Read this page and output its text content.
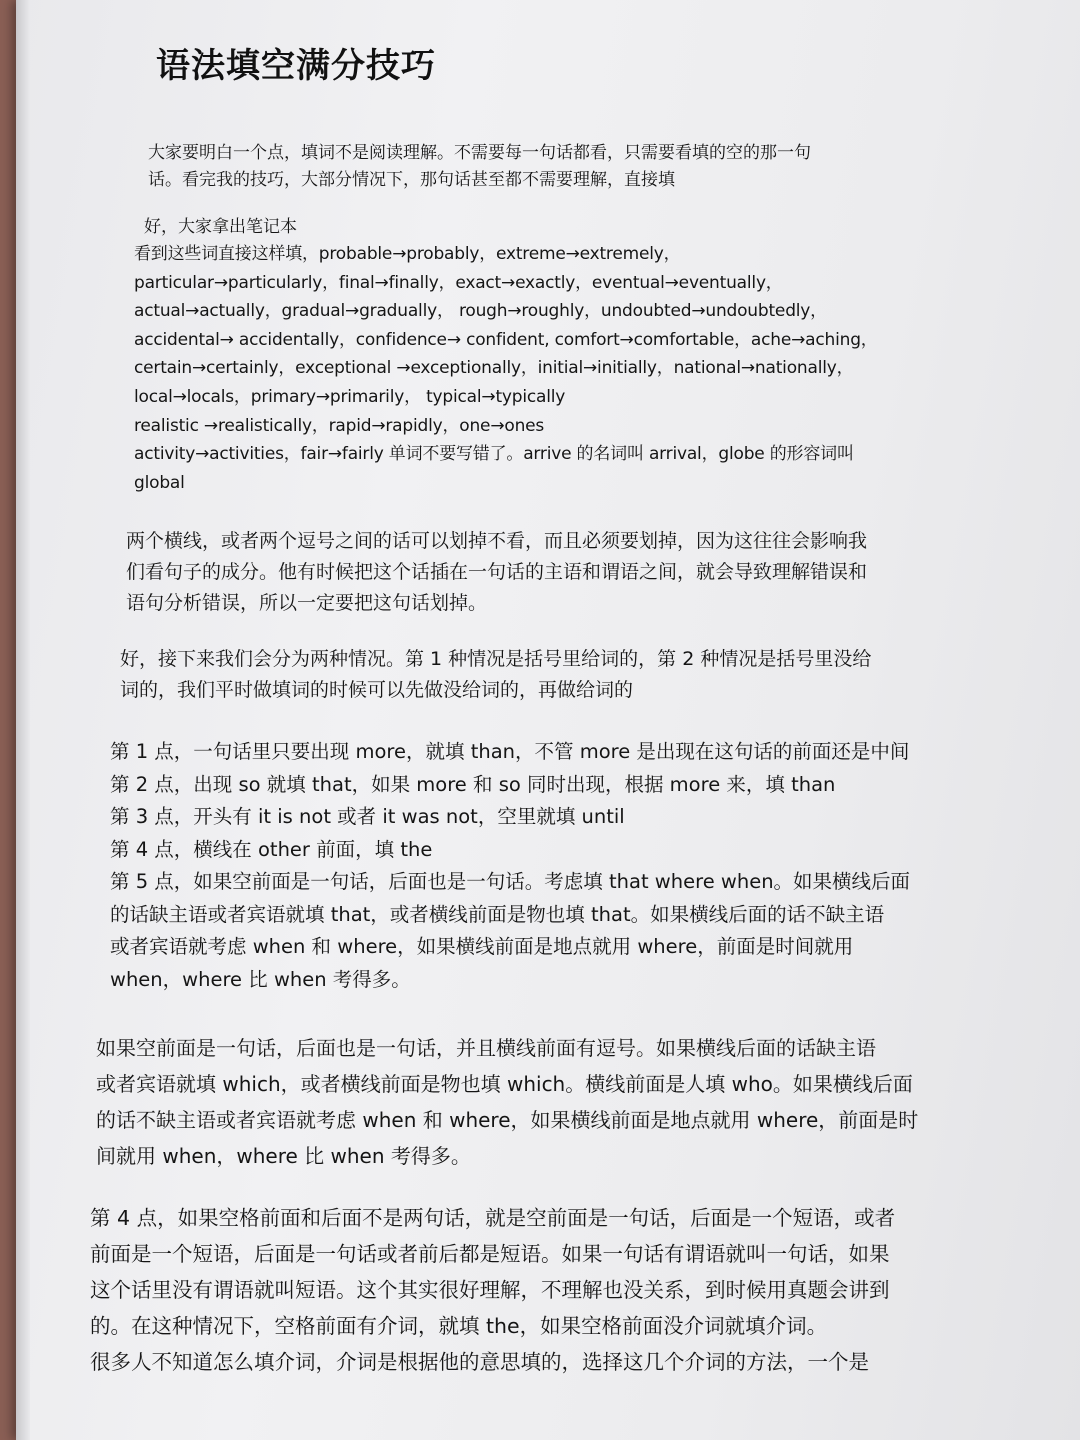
语法填空满分技巧

大家要明白一个点，填词不是阅读理解。不需要每一句话都看，只需要看填的空的那一句
话。看完我的技巧，大部分情况下，那句话甚至都不需要理解，直接填

好，大家拿出笔记本

看到这些词直接这样填，probable→probably，extreme→extremely，
particular→particularly，final→finally，exact→exactly，eventual→eventually，
actual→actually，gradual→gradually， rough→roughly，undoubted→undoubtedly，
accidental→ accidentally，confidence→ confident, comfort→comfortable，ache→aching，
certain→certainly，exceptional →exceptionally，initial→initially，national→nationally，
local→locals，primary→primarily， typical→typically
realistic →realistically，rapid→rapidly，one→ones
activity→activities，fair→fairly 单词不要写错了。arrive 的名词叫 arrival，globe 的形容词叫
global

两个横线，或者两个逗号之间的话可以划掉不看，而且必须要划掉，因为这往往会影响我
们看句子的成分。他有时候把这个话插在一句话的主语和谓语之间，就会导致理解错误和
语句分析错误，所以一定要把这句话划掉。

好，接下来我们会分为两种情况。第 1 种情况是括号里给词的，第 2 种情况是括号里没给
词的，我们平时做填词的时候可以先做没给词的，再做给词的

第 1 点，一句话里只要出现 more，就填 than，不管 more 是出现在这句话的前面还是中间
第 2 点，出现 so 就填 that，如果 more 和 so 同时出现，根据 more 来，填 than
第 3 点，开头有 it is not 或者 it was not，空里就填 until
第 4 点，横线在 other 前面，填 the
第 5 点，如果空前面是一句话，后面也是一句话。考虑填 that where when。如果横线后面
的话缺主语或者宾语就填 that，或者横线前面是物也填 that。如果横线后面的话不缺主语
或者宾语就考虑 when 和 where，如果横线前面是地点就用 where，前面是时间就用
when，where 比 when 考得多。

如果空前面是一句话，后面也是一句话，并且横线前面有逗号。如果横线后面的话缺主语
或者宾语就填 which，或者横线前面是物也填 which。横线前面是人填 who。如果横线后面
的话不缺主语或者宾语就考虑 when 和 where，如果横线前面是地点就用 where，前面是时
间就用 when，where 比 when 考得多。

第 4 点，如果空格前面和后面不是两句话，就是空前面是一句话，后面是一个短语，或者
前面是一个短语，后面是一句话或者前后都是短语。如果一句话有谓语就叫一句话，如果
这个话里没有谓语就叫短语。这个其实很好理解，不理解也没关系，到时候用真题会讲到
的。在这种情况下，空格前面有介词，就填 the，如果空格前面没介词就填介词。
很多人不知道怎么填介词，介词是根据他的意思填的，选择这几个介词的方法，一个是
